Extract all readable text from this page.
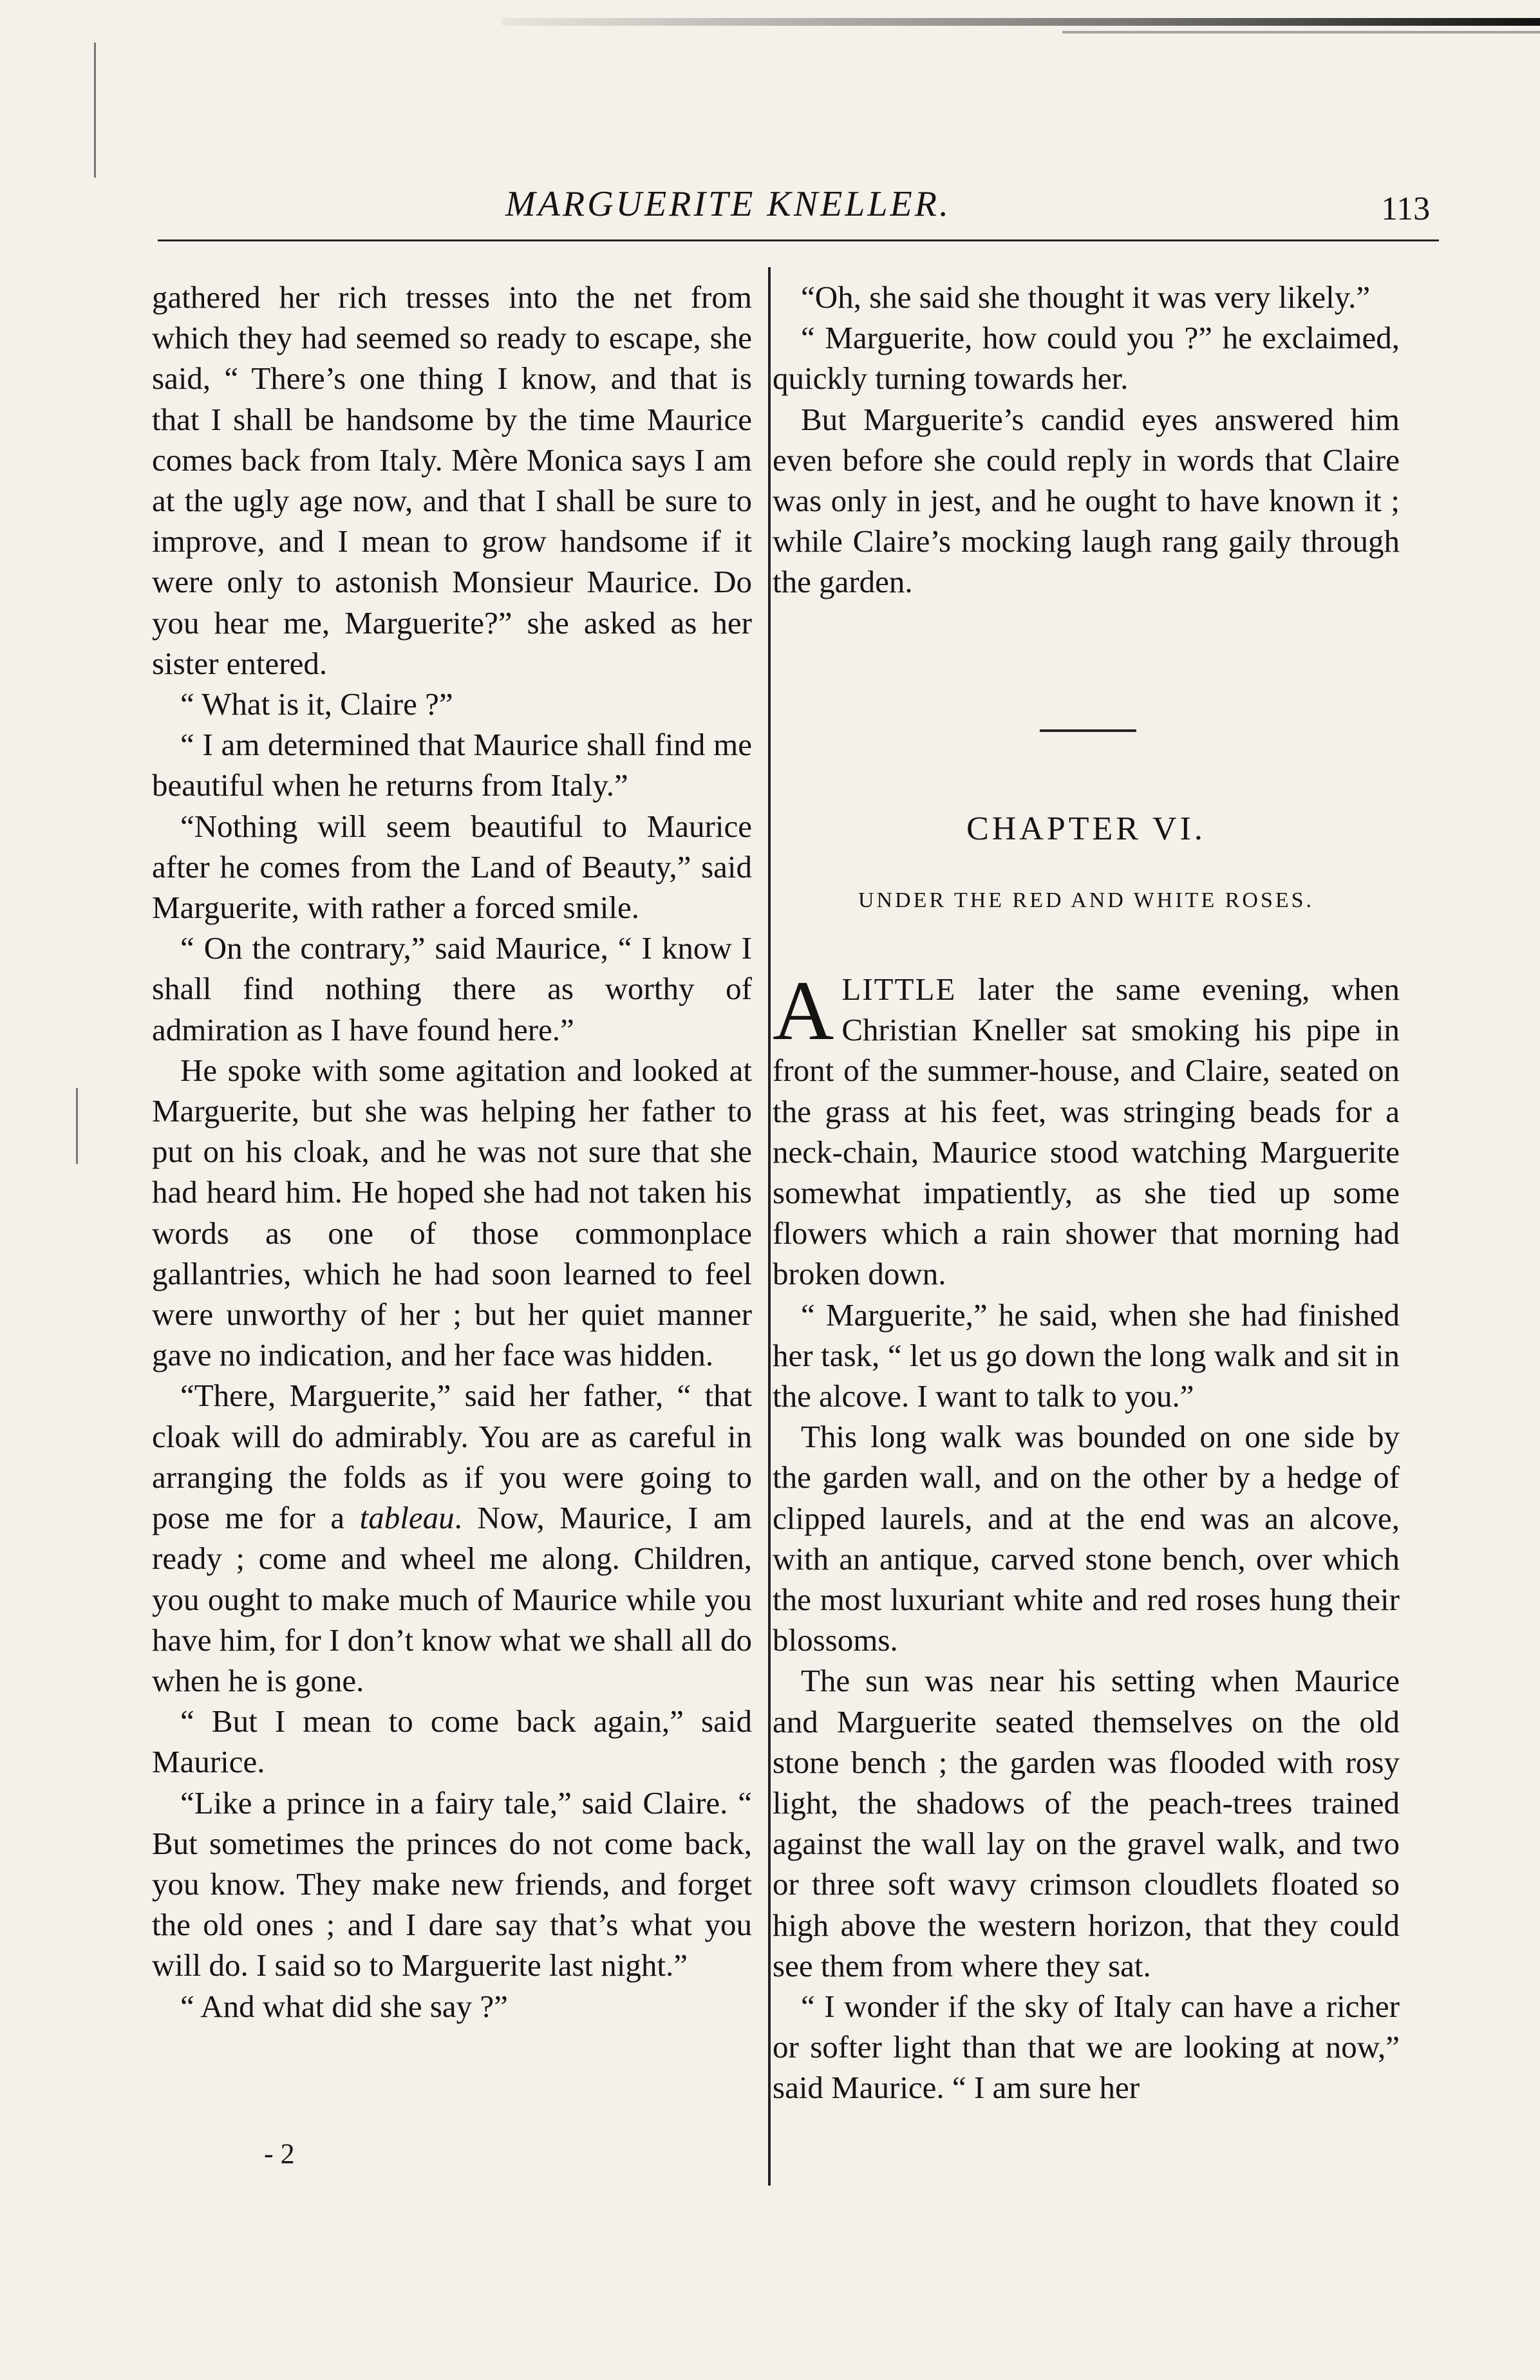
MARGUERITE KNELLER.	113

gathered her rich tresses into the net from which they had seemed so ready to escape, she said, “ There’s one thing I know, and that is that I shall be handsome by the time Maurice comes back from Italy. Mère Monica says I am at the ugly age now, and that I shall be sure to improve, and I mean to grow handsome if it were only to astonish Monsieur Maurice. Do you hear me, Marguerite?” she asked as her sister entered.

“ What is it, Claire ?”

“ I am determined that Maurice shall find me beautiful when he returns from Italy.”

“Nothing will seem beautiful to Maurice after he comes from the Land of Beauty,” said Marguerite, with rather a forced smile.

“ On the contrary,” said Maurice, “ I know I shall find nothing there as worthy of admiration as I have found here.”

He spoke with some agitation and looked at Marguerite, but she was helping her father to put on his cloak, and he was not sure that she had heard him. He hoped she had not taken his words as one of those commonplace gallantries, which he had soon learned to feel were unworthy of her ; but her quiet manner gave no indication, and her face was hidden.

“There, Marguerite,” said her father, “ that cloak will do admirably. You are as careful in arranging the folds as if you were going to pose me for a tableau. Now, Maurice, I am ready ; come and wheel me along. Children, you ought to make much of Maurice while you have him, for I don’t know what we shall all do when he is gone.

“ But I mean to come back again,” said Maurice.

“Like a prince in a fairy tale,” said Claire. “ But sometimes the princes do not come back, you know. They make new friends, and forget the old ones ; and I dare say that’s what you will do. I said so to Marguerite last night.”

“ And what did she say ?”

- 2

“Oh, she said she thought it was very likely.”

“ Marguerite, how could you ?” he exclaimed, quickly turning towards her.

But Marguerite’s candid eyes answered him even before she could reply in words that Claire was only in jest, and he ought to have known it ; while Claire’s mocking laugh rang gaily through the garden.

CHAPTER VI.
UNDER THE RED AND WHITE ROSES.

ALITTLE later the same evening, when Christian Kneller sat smoking his pipe in front of the summer-house, and Claire, seated on the grass at his feet, was stringing beads for a neck-chain, Maurice stood watching Marguerite somewhat impatiently, as she tied up some flowers which a rain shower that morning had broken down.

“ Marguerite,” he said, when she had finished her task, “ let us go down the long walk and sit in the alcove. I want to talk to you.”

This long walk was bounded on one side by the garden wall, and on the other by a hedge of clipped laurels, and at the end was an alcove, with an antique, carved stone bench, over which the most luxuriant white and red roses hung their blossoms.

The sun was near his setting when Maurice and Marguerite seated themselves on the old stone bench ; the garden was flooded with rosy light, the shadows of the peach-trees trained against the wall lay on the gravel walk, and two or three soft wavy crimson cloudlets floated so high above the western horizon, that they could see them from where they sat.

“ I wonder if the sky of Italy can have a richer or softer light than that we are looking at now,” said Maurice. “ I am sure her
